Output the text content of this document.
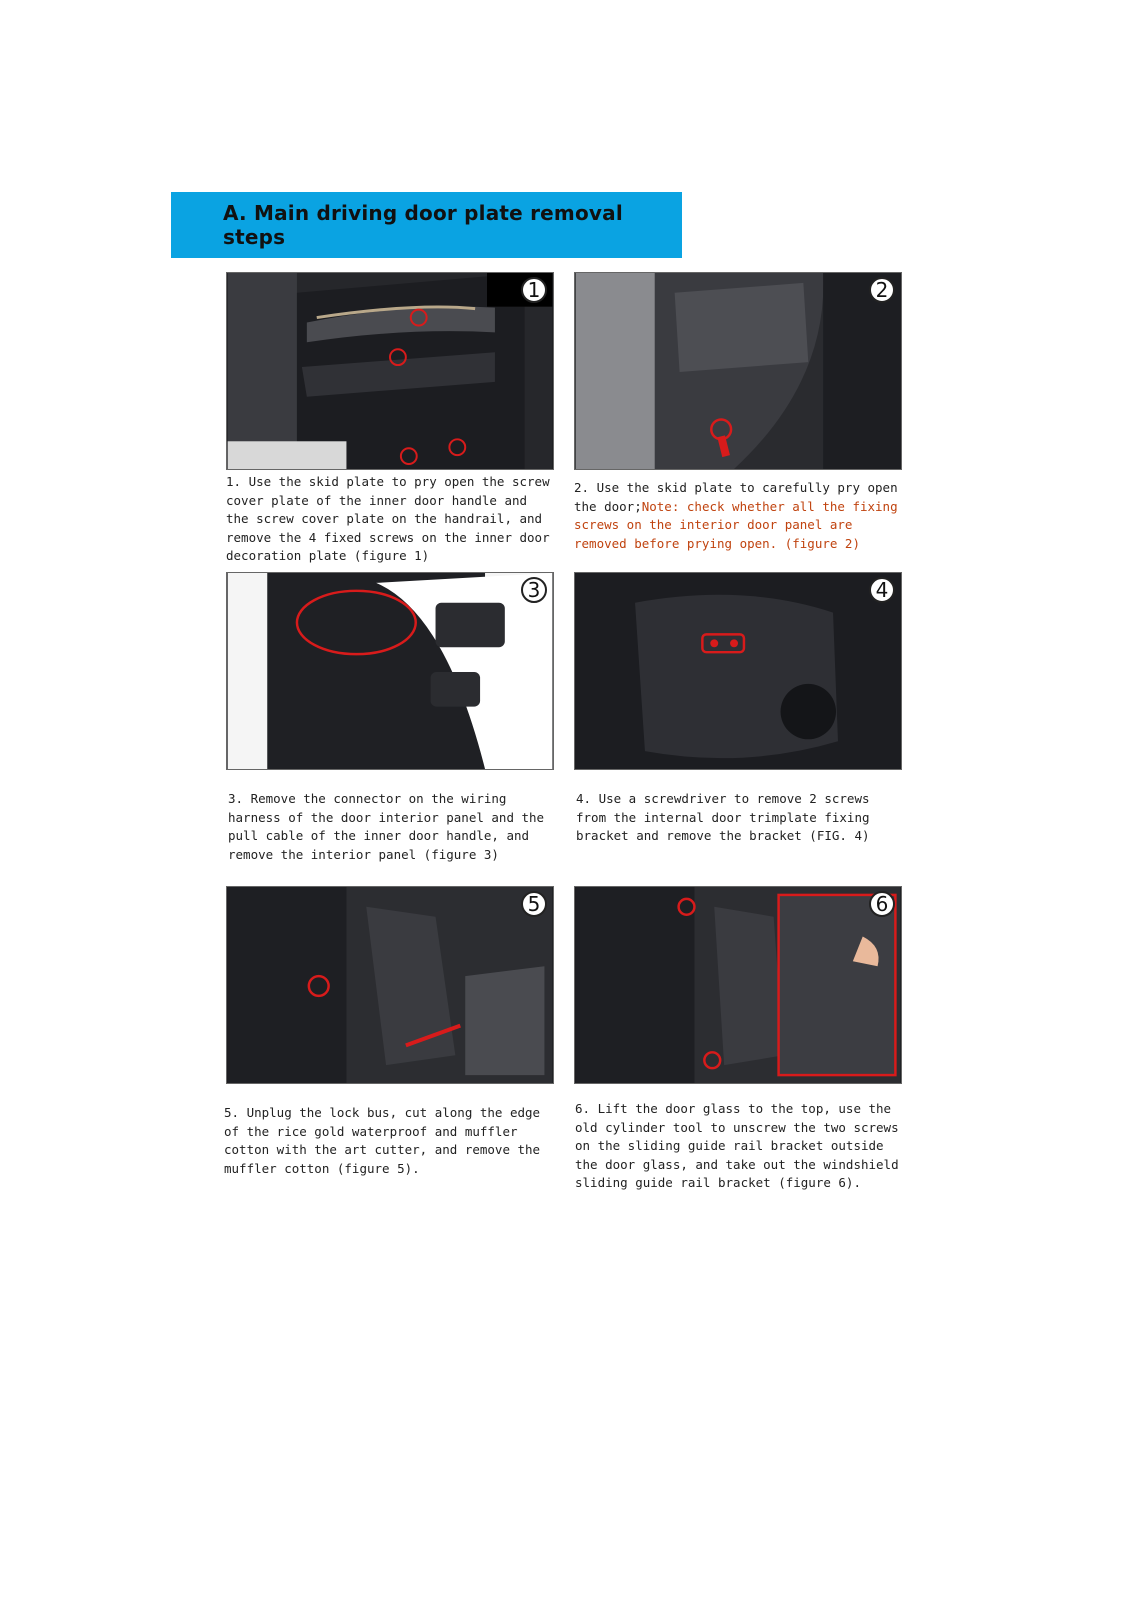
A. Main driving door plate removal steps
1	2
1. Use the skid plate to pry open the screw cover plate of the inner door handle and the screw cover plate on the handrail, and remove the 4 fixed screws on the inner door decoration plate (figure 1)
2. Use the skid plate to carefully pry open the door;Note: check whether all the fixing screws on the interior door panel are removed before prying open. (figure 2)
3	4
3. Remove the connector on the wiring harness of the door interior panel and the pull cable of the inner door handle, and remove the interior panel (figure 3)
4. Use a screwdriver to remove 2 screws from the internal door trimplate fixing bracket and remove the bracket (FIG. 4)
5	6
5. Unplug the lock bus, cut along the edge of the rice gold waterproof and muffler cotton with the art cutter, and remove the muffler cotton (figure 5).
6. Lift the door glass to the top, use the old cylinder tool to unscrew the two screws on the sliding guide rail bracket outside the door glass, and take out the windshield sliding guide rail bracket (figure 6).
